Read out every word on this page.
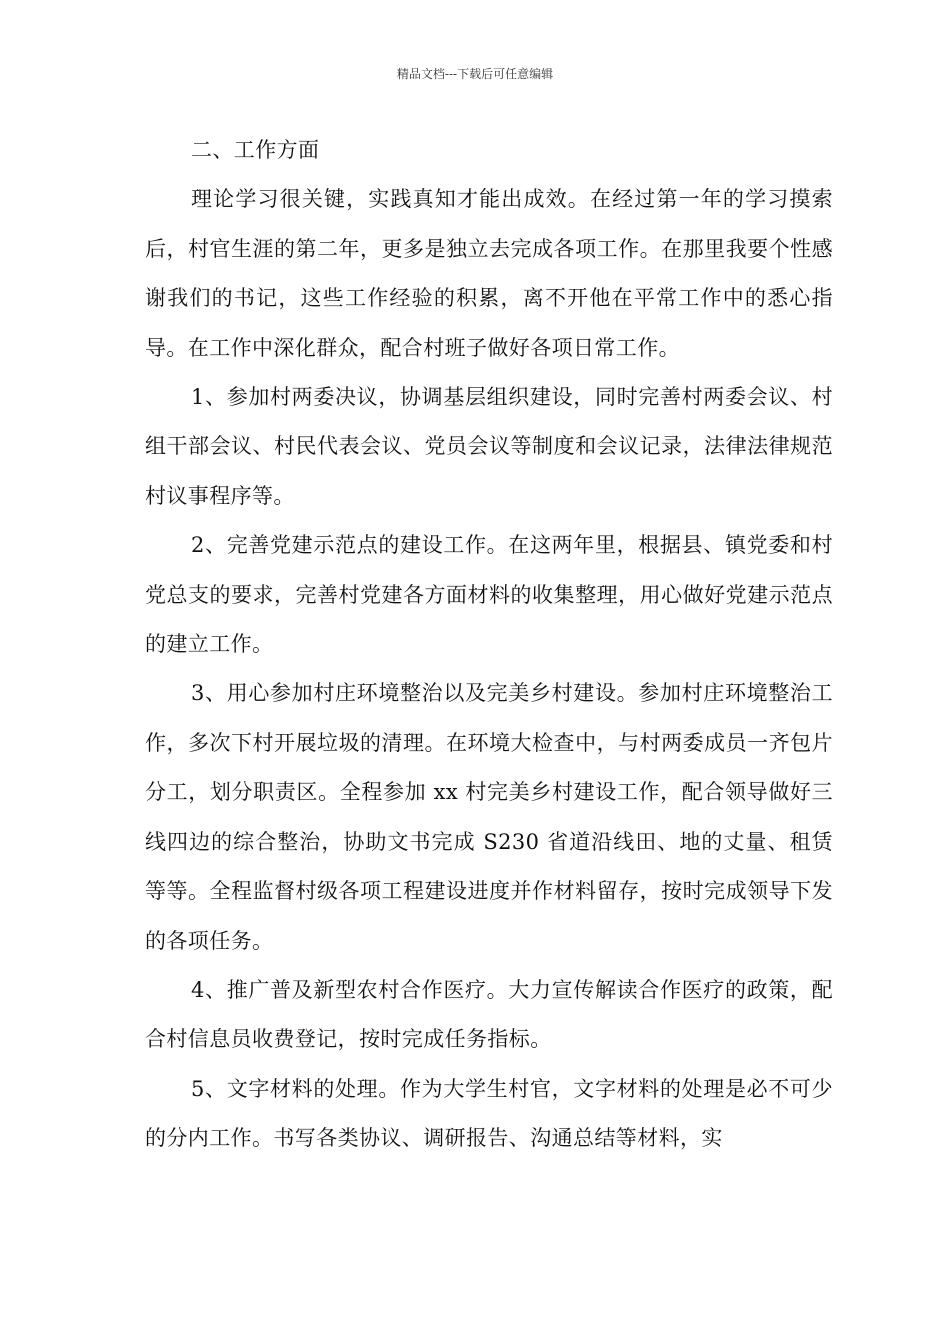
精品文档---下载后可任意编辑

二、工作方面

理论学习很关键，实践真知才能出成效。在经过第一年的学习摸索后，村官生涯的第二年，更多是独立去完成各项工作。在那里我要个性感谢我们的书记，这些工作经验的积累，离不开他在平常工作中的悉心指导。在工作中深化群众，配合村班子做好各项日常工作。

1、参加村两委决议，协调基层组织建设，同时完善村两委会议、村组干部会议、村民代表会议、党员会议等制度和会议记录，法律法律规范村议事程序等。

2、完善党建示范点的建设工作。在这两年里，根据县、镇党委和村党总支的要求，完善村党建各方面材料的收集整理，用心做好党建示范点的建立工作。

3、用心参加村庄环境整治以及完美乡村建设。参加村庄环境整治工作，多次下村开展垃圾的清理。在环境大检查中，与村两委成员一齐包片分工，划分职责区。全程参加 xx 村完美乡村建设工作，配合领导做好三线四边的综合整治，协助文书完成 S230 省道沿线田、地的丈量、租赁等等。全程监督村级各项工程建设进度并作材料留存，按时完成领导下发的各项任务。

4、推广普及新型农村合作医疗。大力宣传解读合作医疗的政策，配合村信息员收费登记，按时完成任务指标。

5、文字材料的处理。作为大学生村官，文字材料的处理是必不可少的分内工作。书写各类协议、调研报告、沟通总结等材料，实
